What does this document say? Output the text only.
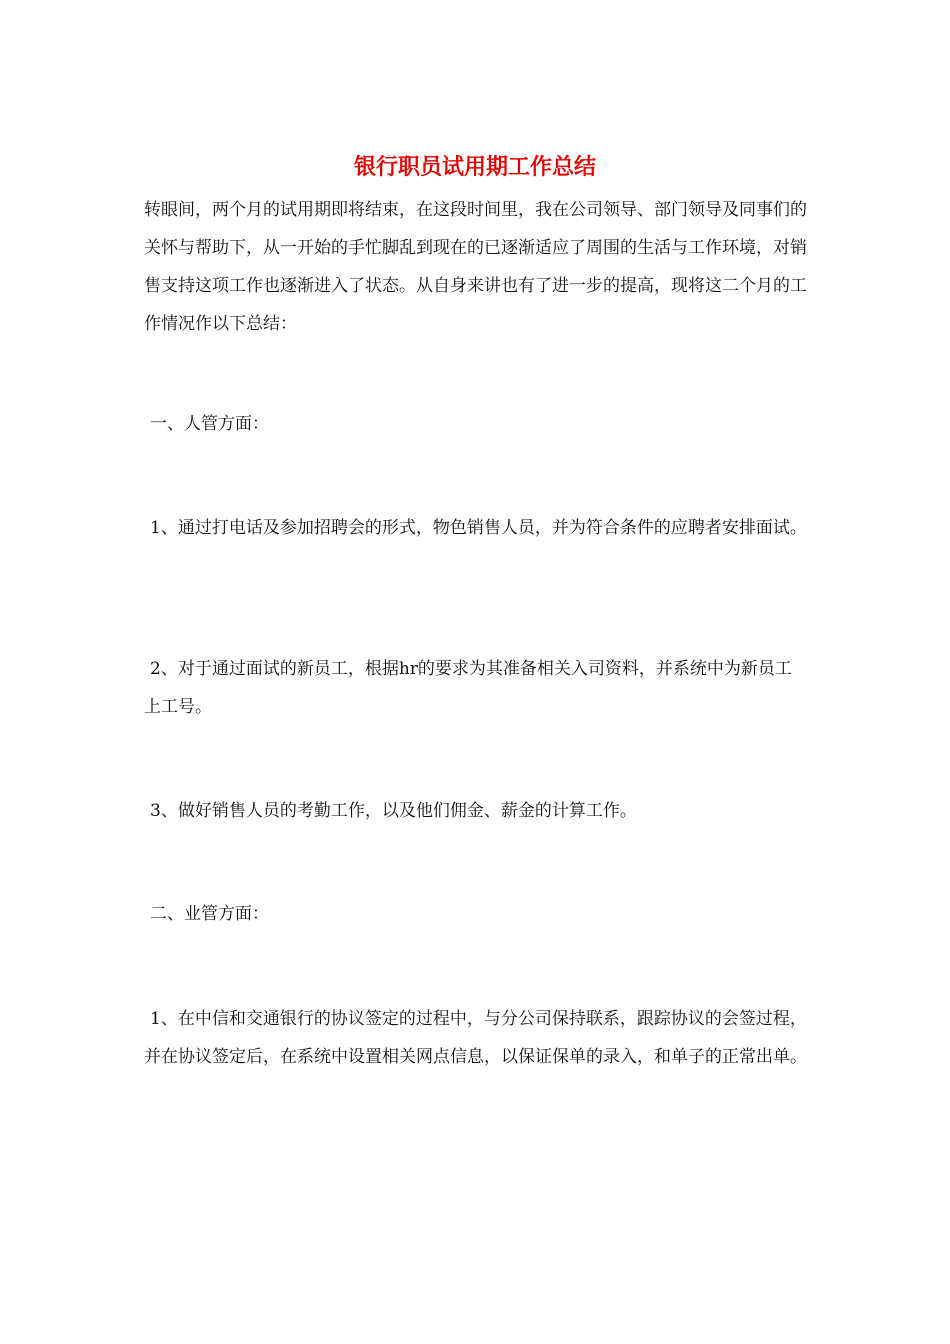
银行职员试用期工作总结

转眼间，两个月的试用期即将结束，在这段时间里，我在公司领导、部门领导及同事们的关怀与帮助下，从一开始的手忙脚乱到现在的已逐渐适应了周围的生活与工作环境，对销售支持这项工作也逐渐进入了状态。从自身来讲也有了进一步的提高，现将这二个月的工作情况作以下总结：

一、人管方面：

1、通过打电话及参加招聘会的形式，物色销售人员，并为符合条件的应聘者安排面试。

2、对于通过面试的新员工，根据hr的要求为其准备相关入司资料，并系统中为新员工上工号。

3、做好销售人员的考勤工作，以及他们佣金、薪金的计算工作。

二、业管方面：

1、在中信和交通银行的协议签定的过程中，与分公司保持联系，跟踪协议的会签过程，并在协议签定后，在系统中设置相关网点信息，以保证保单的录入，和单子的正常出单。
